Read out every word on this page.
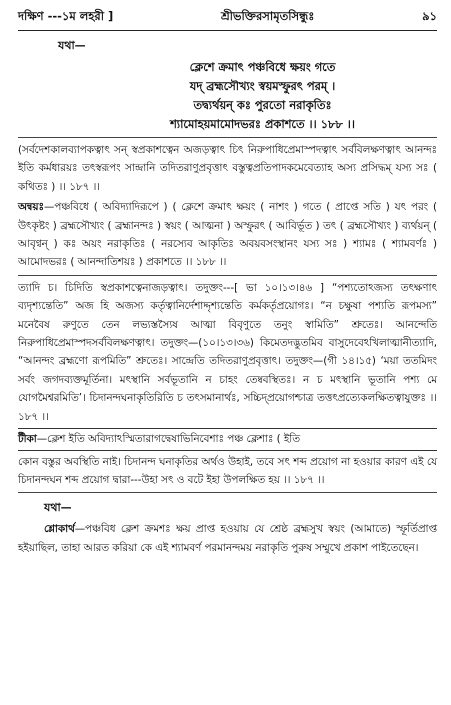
দক্ষিণ ---১ম লহরী ]	শ্রীভক্তিরসামৃতসিন্ধুঃ	৯১
যথা—
ক্লেশে ক্রমাৎ পঞ্চবিধে ক্ষয়ং গতে
যদ্ ব্রহ্মসৌখ্যং স্বয়মস্ফুরৎ পরম্ ।
তদ্ব্যর্থয়ন্ কঃ পুরতো নরাকৃতিঃ
শ্যামোহয়মামোদভরঃ প্রকাশতে ।। ১৮৮ ।।
(সর্বদেশকালব্যাপকত্বাৎ সন্ স্বপ্রকাশত্বেন অজড়ত্বাৎ চিৎ নিরুপাধিপ্রেমাস্পদত্বাৎ সর্ববিলক্ষণত্বাৎ আনন্দঃ ইতি কর্মধারয়ঃ তৎস্বরূপং সান্দ্রানি তদিতরাণুপ্রবৃত্তাৎ বস্তুত্বপ্রতিপাদকমেবেত্যাহ অস্য প্রসিদ্ধম্ যস্য সঃ ( কথিতঃ ) ।। ১৮৭ ।।
অন্বয়ঃ—পঞ্চবিধে ( অবিদ্যাদিরূপে ) ( ক্লেশে ক্রমাৎ ক্ষয়ং ( নাশং ) গতে ( প্রাপ্তে সতি ) যৎ পরং ( উৎকৃষ্টং ) ব্রহ্মসৌখ্যং ( ব্রহ্মানন্দঃ ) স্বয়ং ( আত্মনা ) অস্ফুরৎ ( আবির্ভূত ) তৎ ( ব্রহ্মসৌখ্যং ) ব্যর্থয়ন্ ( আবৃণ্বন্ ) কঃ অয়ং নরাকৃতিঃ ( নরস্যেব আকৃতিঃ অবয়বসংস্থানং যস্য সঃ ) শ্যামঃ ( শ্যামবর্ণঃ ) আমোদভরঃ ( আনন্দাতিশয়ঃ ) প্রকাশতে ।। ১৮৮ ।।
ত্যাদি চ। চিদিতি স্বপ্রকাশত্বেনাজড়ত্বাৎ। তদুক্তং---[ ভা ১০।১৩।৪৬ ] “পশ্যতোঽজস্য তৎক্ষণাৎ ব্যদৃশ্যন্তেতি” অজ হি অজস্য কর্তৃত্বানির্দেশাদ্দৃশ্যন্তেতি কর্মকর্তৃপ্রয়োগঃ। “ন চক্ষুষা পশ্যতি রূপমস্য” মনেবৈষ রুণুতে তেন লভ্যস্তস্যৈষ আত্মা বিবৃণুতে তনুং স্বামিতি” শ্রুতেঃ। আনন্দেতি নিরুপাধিপ্রেমাস্পদসর্ববিলক্ষণত্বাৎ। তদুক্তং—(১০।১৩।৩৬) কিমেতদদ্ভুতমিব বাসুদেবেঽখিলাত্মানীত্যাদি, “আনন্দং ব্রহ্মণো রূপমিতি” শ্রুতেঃ। সান্দ্রেতি তদিতরাণুপ্রবৃত্তাৎ। তদুক্তং—(গী ১৪।১৫) ‘ময়া ততমিদং সর্বং জগদব্যক্তমূর্তিনা। মৎস্থানি সর্বভূতানি ন চাহং তেষ্ববস্থিতঃ। ন চ মৎস্থানি ভূতানি পশ্য মে যোগমৈশ্বরমিতি’। চিদানন্দঘনাকৃতিরিতি চ তৎসমানার্থঃ, সচ্চিদ্প্রয়োগশ্চাত্র তত্তৎপ্রত্যেকলক্ষিতত্বাযুক্তঃ ।। ১৮৭ ।।
টীকা—ক্লেশ ইতি অবিদ্যাঽস্মিতারাগদ্বেষাভিনিবেশাঃ পঞ্চ ক্লেশাঃ ( ইতি
কোন বস্তুর অবস্থিতি নাই। চিদানন্দ ঘনাকৃতির অর্থও উহাই, তবে সৎ শব্দ প্রয়োগ না হওয়ার কারণ এই যে চিদানন্দঘন শব্দ প্রয়োগ দ্বারা---উহা সৎ ও বটে ইহা উপলক্ষিত হয় ।। ১৮৭ ।।
যথা—
শ্লোকার্থ—পঞ্চবিধ ক্লেশ ক্রমশঃ ক্ষয় প্রাপ্ত হওয়ায় যে শ্রেষ্ঠ ব্রহ্মসুখ স্বয়ং (আমাতে) স্ফূর্তিপ্রাপ্ত হইয়াছিল, তাহা আরত করিয়া কে এই শ্যামবর্ণ পরমানন্দময় নরাকৃতি পুরুষ সম্মুখে প্রকাশ পাইতেছেন।
